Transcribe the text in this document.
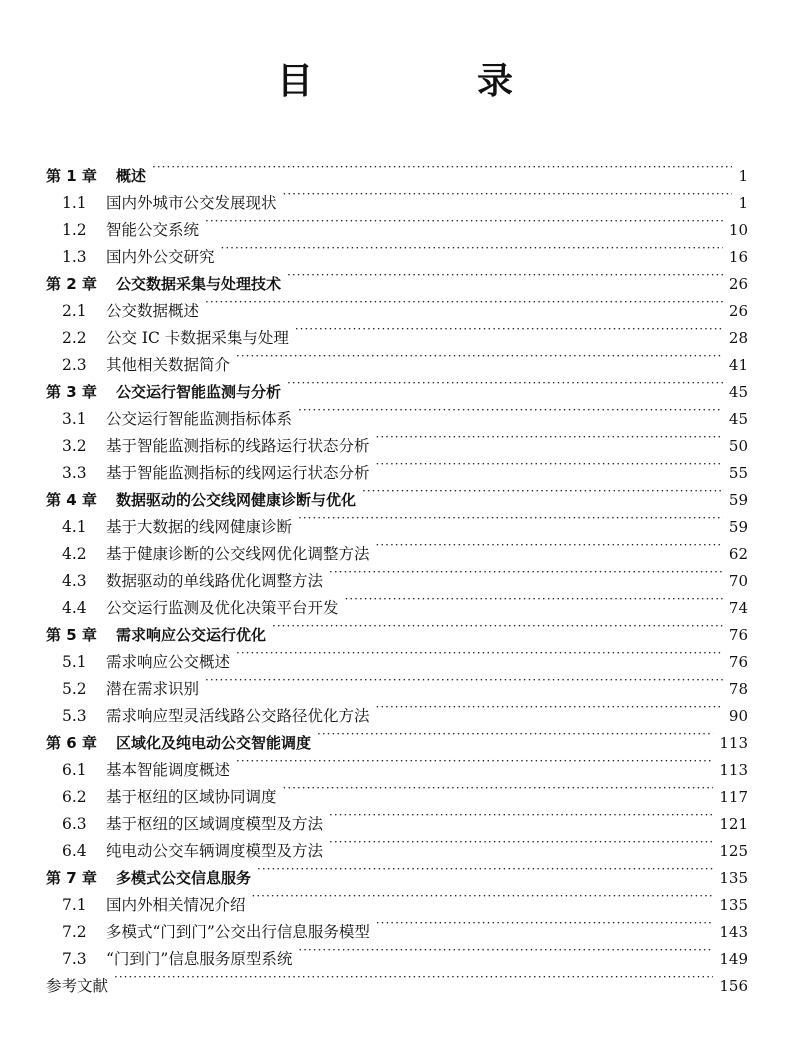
目　录
第 1 章	概述 ·····	1
1.1	国内外城市公交发展现状 ·····	1
1.2	智能公交系统 ·····	10
1.3	国内外公交研究 ·····	16
第 2 章	公交数据采集与处理技术 ·····	26
2.1	公交数据概述 ·····	26
2.2	公交 IC 卡数据采集与处理 ·····	28
2.3	其他相关数据简介 ·····	41
第 3 章	公交运行智能监测与分析 ·····	45
3.1	公交运行智能监测指标体系 ·····	45
3.2	基于智能监测指标的线路运行状态分析 ·····	50
3.3	基于智能监测指标的线网运行状态分析 ·····	55
第 4 章	数据驱动的公交线网健康诊断与优化 ·····	59
4.1	基于大数据的线网健康诊断 ·····	59
4.2	基于健康诊断的公交线网优化调整方法 ·····	62
4.3	数据驱动的单线路优化调整方法 ·····	70
4.4	公交运行监测及优化决策平台开发 ·····	74
第 5 章	需求响应公交运行优化 ·····	76
5.1	需求响应公交概述 ·····	76
5.2	潜在需求识别 ·····	78
5.3	需求响应型灵活线路公交路径优化方法 ·····	90
第 6 章	区域化及纯电动公交智能调度 ·····	113
6.1	基本智能调度概述 ·····	113
6.2	基于枢纽的区域协同调度 ·····	117
6.3	基于枢纽的区域调度模型及方法 ·····	121
6.4	纯电动公交车辆调度模型及方法 ·····	125
第 7 章	多模式公交信息服务 ·····	135
7.1	国内外相关情况介绍 ·····	135
7.2	多模式“门到门”公交出行信息服务模型 ·····	143
7.3	“门到门”信息服务原型系统 ·····	149
参考文献 ·····	156
